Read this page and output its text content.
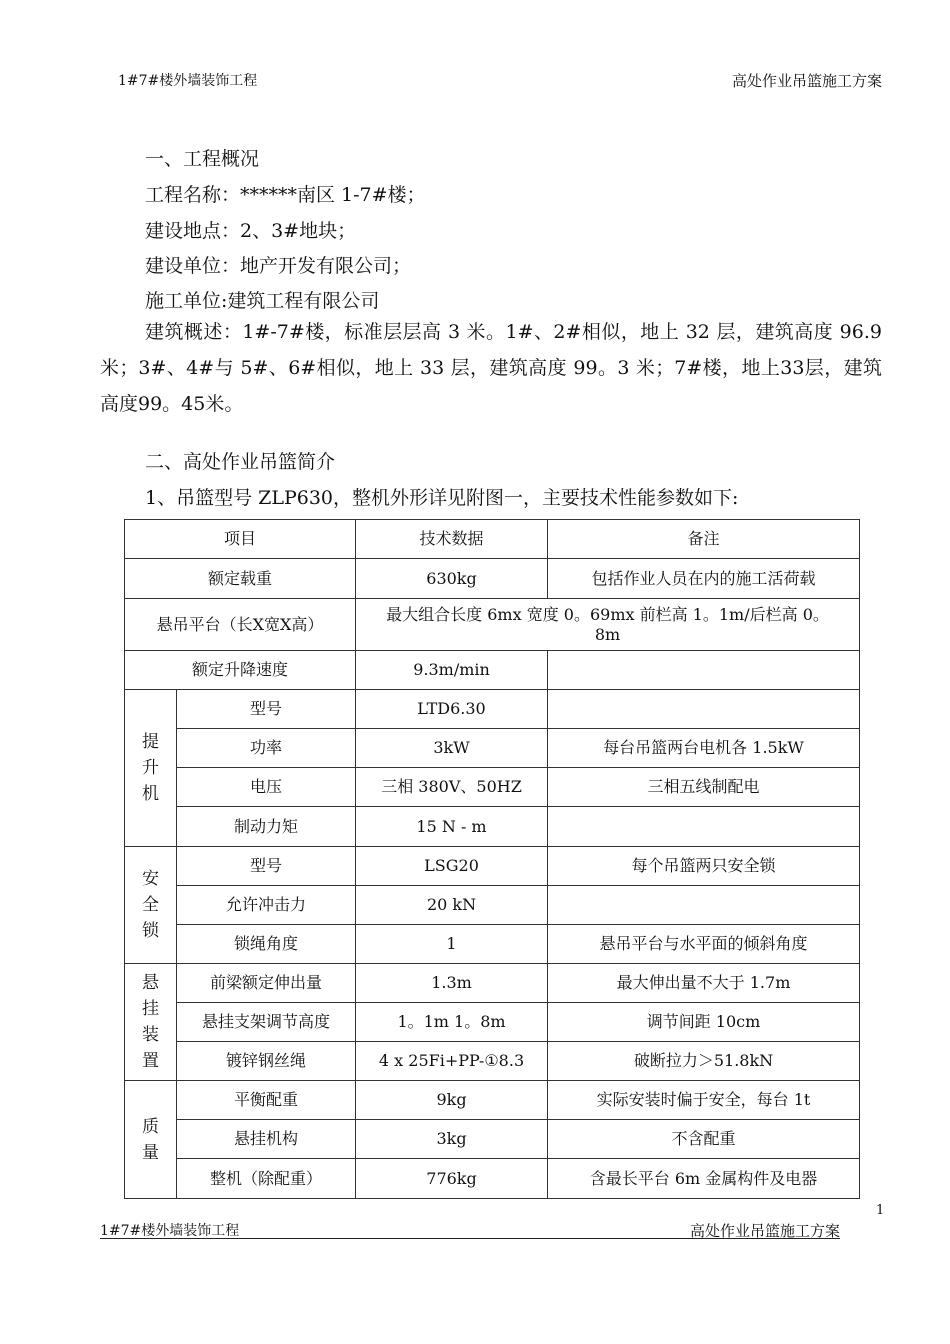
1#7#楼外墙装饰工程	高处作业吊篮施工方案
一、工程概况
工程名称：******南区 1-7#楼；
建设地点：2、3#地块；
建设单位：地产开发有限公司；
施工单位:建筑工程有限公司
建筑概述：1#-7#楼，标准层层高 3 米。1#、2#相似，地上 32 层，建筑高度 96.9 米；3#、4#与 5#、6#相似，地上 33 层，建筑高度 99。3 米；7#楼，地上33层，建筑高度99。45米。
二、高处作业吊篮简介
1、吊篮型号 ZLP630，整机外形详见附图一，主要技术性能参数如下:
项目		技术数据	备注
额定载重		630kg	包括作业人员在内的施工活荷载
悬吊平台（长Ⅹ宽Ⅹ高）		最大组合长度 6mx 宽度 0。69mx 前栏高 1。1m/后栏高 0。8m	
额定升降速度		9.3m/min	
提升机	型号	LTD6.30	
	功率	3kW	每台吊篮两台电机各 1.5kW
	电压	三相 380V、50HZ	三相五线制配电
	制动力矩	15 N - m	
安全锁	型号	LSG20	每个吊篮两只安全锁
	允许冲击力	20 kN	
	锁绳角度	1	悬吊平台与水平面的倾斜角度
悬挂装置	前梁额定伸出量	1.3m	最大伸出量不大于 1.7m
	悬挂支架调节高度	1。1m 1。8m	调节间距 10cm
	镀锌钢丝绳	4 x 25Fi+PP-①8.3	破断拉力＞51.8kN
质量	平衡配重	9kg	实际安装时偏于安全，每台 1t
	悬挂机构	3kg	不含配重
	整机（除配重）	776kg	含最长平台 6m 金属构件及电器
1
1#7#楼外墙装饰工程	高处作业吊篮施工方案
